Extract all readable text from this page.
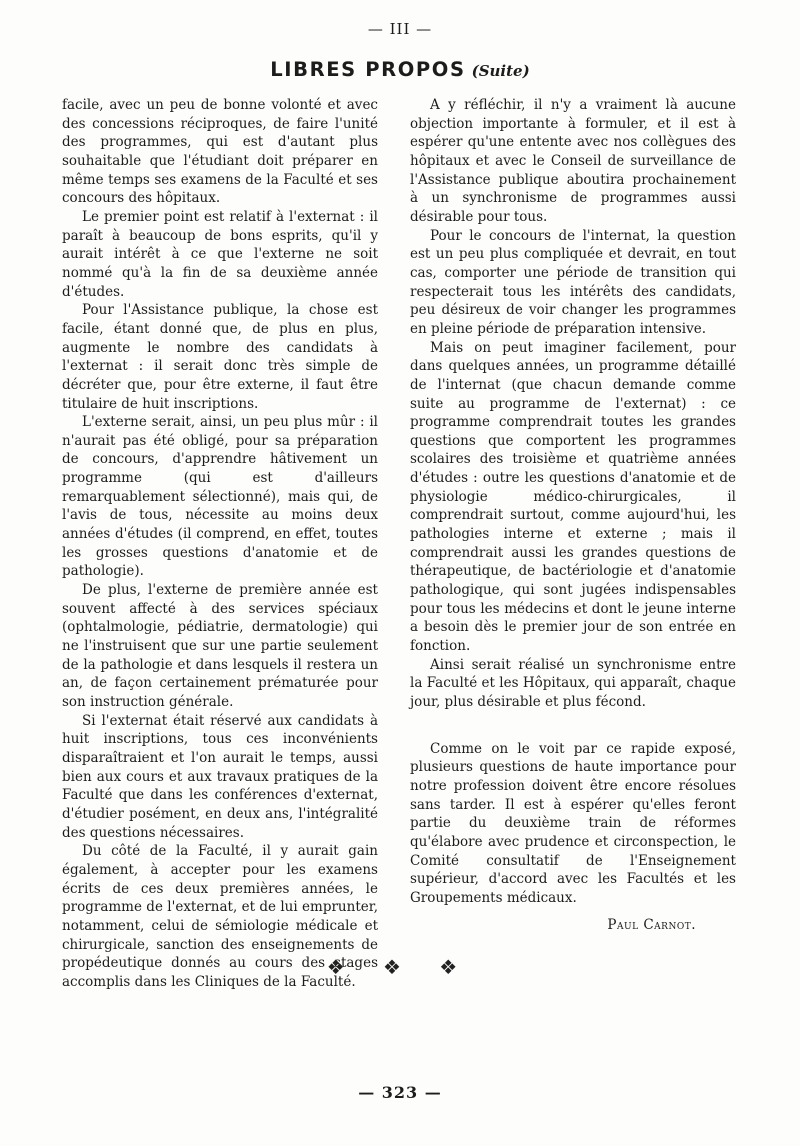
— III —
LIBRES PROPOS (Suite)

facile, avec un peu de bonne volonté et avec des concessions réciproques, de faire l'unité des programmes, qui est d'autant plus souhaitable que l'étudiant doit préparer en même temps ses examens de la Faculté et ses concours des hôpitaux.

Le premier point est relatif à l'externat : il paraît à beaucoup de bons esprits, qu'il y aurait intérêt à ce que l'externe ne soit nommé qu'à la fin de sa deuxième année d'études.

Pour l'Assistance publique, la chose est facile, étant donné que, de plus en plus, augmente le nombre des candidats à l'externat : il serait donc très simple de décréter que, pour être externe, il faut être titulaire de huit inscriptions.

L'externe serait, ainsi, un peu plus mûr : il n'aurait pas été obligé, pour sa préparation de concours, d'apprendre hâtivement un programme (qui est d'ailleurs remarquablement sélectionné), mais qui, de l'avis de tous, nécessite au moins deux années d'études (il comprend, en effet, toutes les grosses questions d'anatomie et de pathologie).

De plus, l'externe de première année est souvent affecté à des services spéciaux (ophtalmologie, pédiatrie, dermatologie) qui ne l'instruisent que sur une partie seulement de la pathologie et dans lesquels il restera un an, de façon certainement prématurée pour son instruction générale.

Si l'externat était réservé aux candidats à huit inscriptions, tous ces inconvénients disparaîtraient et l'on aurait le temps, aussi bien aux cours et aux travaux pratiques de la Faculté que dans les conférences d'externat, d'étudier posément, en deux ans, l'intégralité des questions nécessaires.

Du côté de la Faculté, il y aurait gain également, à accepter pour les examens écrits de ces deux premières années, le programme de l'externat, et de lui emprunter, notamment, celui de sémiologie médicale et chirurgicale, sanction des enseignements de propédeutique donnés au cours des stages accomplis dans les Cliniques de la Faculté.

A y réfléchir, il n'y a vraiment là aucune objection importante à formuler, et il est à espérer qu'une entente avec nos collègues des hôpitaux et avec le Conseil de surveillance de l'Assistance publique aboutira prochainement à un synchronisme de programmes aussi désirable pour tous.

Pour le concours de l'internat, la question est un peu plus compliquée et devrait, en tout cas, comporter une période de transition qui respecterait tous les intérêts des candidats, peu désireux de voir changer les programmes en pleine période de préparation intensive.

Mais on peut imaginer facilement, pour dans quelques années, un programme détaillé de l'internat (que chacun demande comme suite au programme de l'externat) : ce programme comprendrait toutes les grandes questions que comportent les programmes scolaires des troisième et quatrième années d'études : outre les questions d'anatomie et de physiologie médico-chirurgicales, il comprendrait surtout, comme aujourd'hui, les pathologies interne et externe ; mais il comprendrait aussi les grandes questions de thérapeutique, de bactériologie et d'anatomie pathologique, qui sont jugées indispensables pour tous les médecins et dont le jeune interne a besoin dès le premier jour de son entrée en fonction.

Ainsi serait réalisé un synchronisme entre la Faculté et les Hôpitaux, qui apparaît, chaque jour, plus désirable et plus fécond.

Comme on le voit par ce rapide exposé, plusieurs questions de haute importance pour notre profession doivent être encore résolues sans tarder. Il est à espérer qu'elles feront partie du deuxième train de réformes qu'élabore avec prudence et circonspection, le Comité consultatif de l'Enseignement supérieur, d'accord avec les Facultés et les Groupements médicaux.

Paul Carnot.

❖ ❖ ❖
— 323 —
